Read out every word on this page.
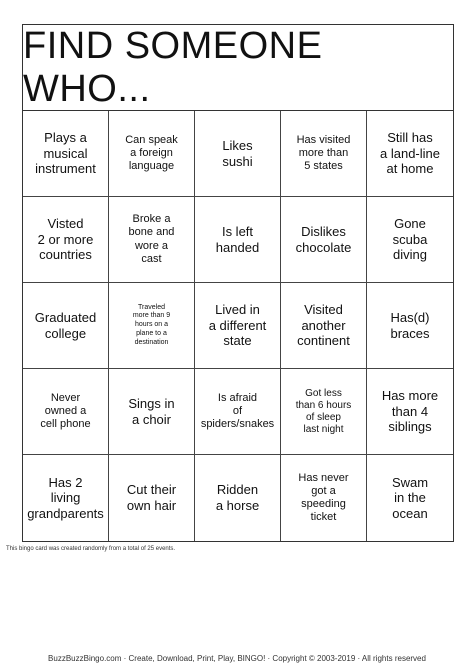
FIND SOMEONE WHO...
Plays a
musical
instrument
Can speak
a foreign
language
Likes
sushi
Has visited
more than
5 states
Still has
a land-line
at home
Visted
2 or more
countries
Broke a
bone and
wore a
cast
Is left
handed
Dislikes
chocolate
Gone
scuba
diving
Graduated
college
Traveled
more than 9
hours on a
plane to a
destination
Lived in
a different
state
Visited
another
continent
Has(d)
braces
Never
owned a
cell phone
Sings in
a choir
Is afraid
of
spiders/snakes
Got less
than 6 hours
of sleep
last night
Has more
than 4
siblings
Has 2
living
grandparents
Cut their
own hair
Ridden
a horse
Has never
got a
speeding
ticket
Swam
in the
ocean
This bingo card was created randomly from a total of 25 events.
BuzzBuzzBingo.com · Create, Download, Print, Play, BINGO! · Copyright © 2003-2019 · All rights reserved
